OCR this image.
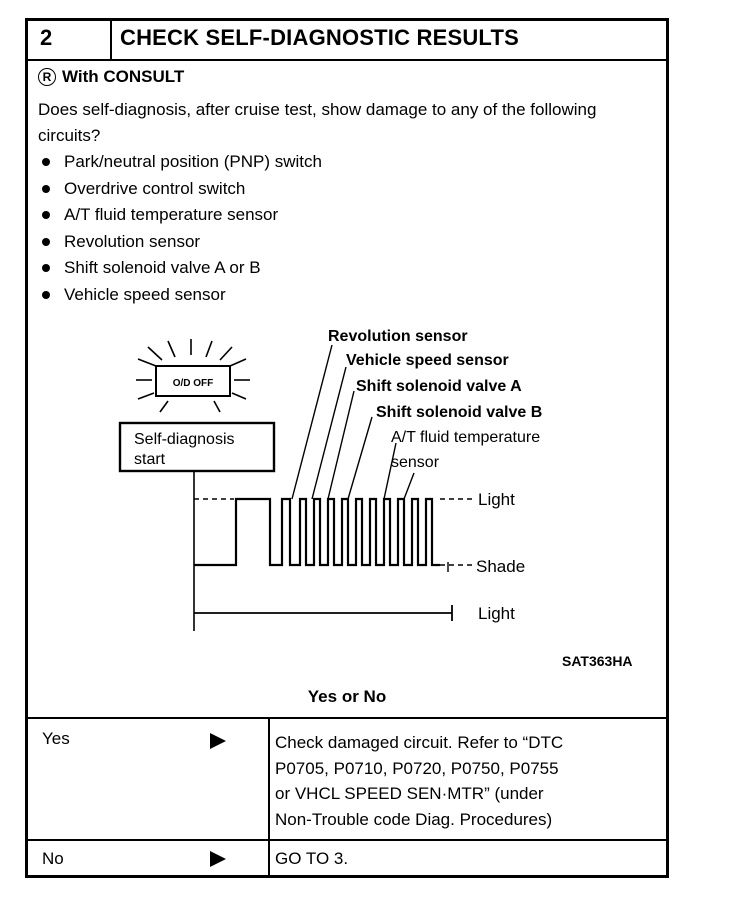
2	CHECK SELF-DIAGNOSTIC RESULTS
R With CONSULT
Does self-diagnosis, after cruise test, show damage to any of the following circuits?
Park/neutral position (PNP) switch
Overdrive control switch
A/T fluid temperature sensor
Revolution sensor
Shift solenoid valve A or B
Vehicle speed sensor
O/D OFF
Self-diagnosis
start
Revolution sensor
Vehicle speed sensor
Shift solenoid valve A
Shift solenoid valve B
A/T fluid temperature
sensor
Light
Shade
Light
SAT363HA
Yes or No
Yes	Check damaged circuit. Refer to “DTC
P0705, P0710, P0720, P0750, P0755
or VHCL SPEED SEN·MTR” (under
Non-Trouble code Diag. Procedures)
No	GO TO 3.
